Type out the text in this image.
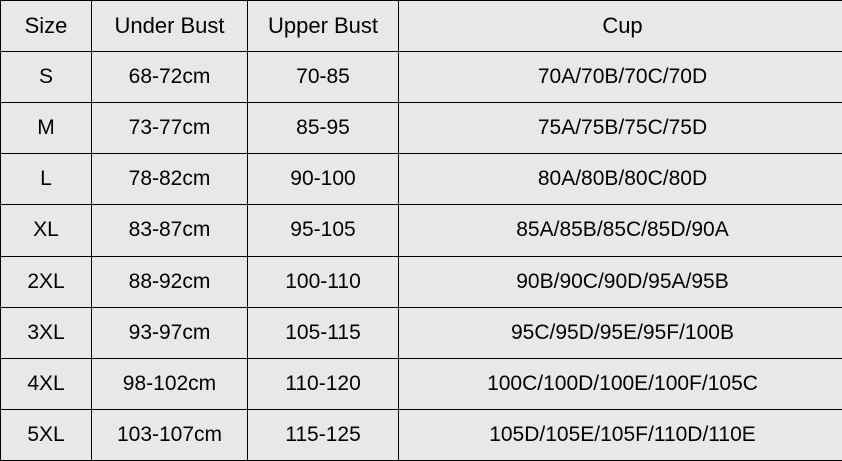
Size	Under Bust	Upper Bust	Cup
S	68-72cm	70-85	70A/70B/70C/70D
M	73-77cm	85-95	75A/75B/75C/75D
L	78-82cm	90-100	80A/80B/80C/80D
XL	83-87cm	95-105	85A/85B/85C/85D/90A
2XL	88-92cm	100-110	90B/90C/90D/95A/95B
3XL	93-97cm	105-115	95C/95D/95E/95F/100B
4XL	98-102cm	110-120	100C/100D/100E/100F/105C
5XL	103-107cm	115-125	105D/105E/105F/110D/110E
